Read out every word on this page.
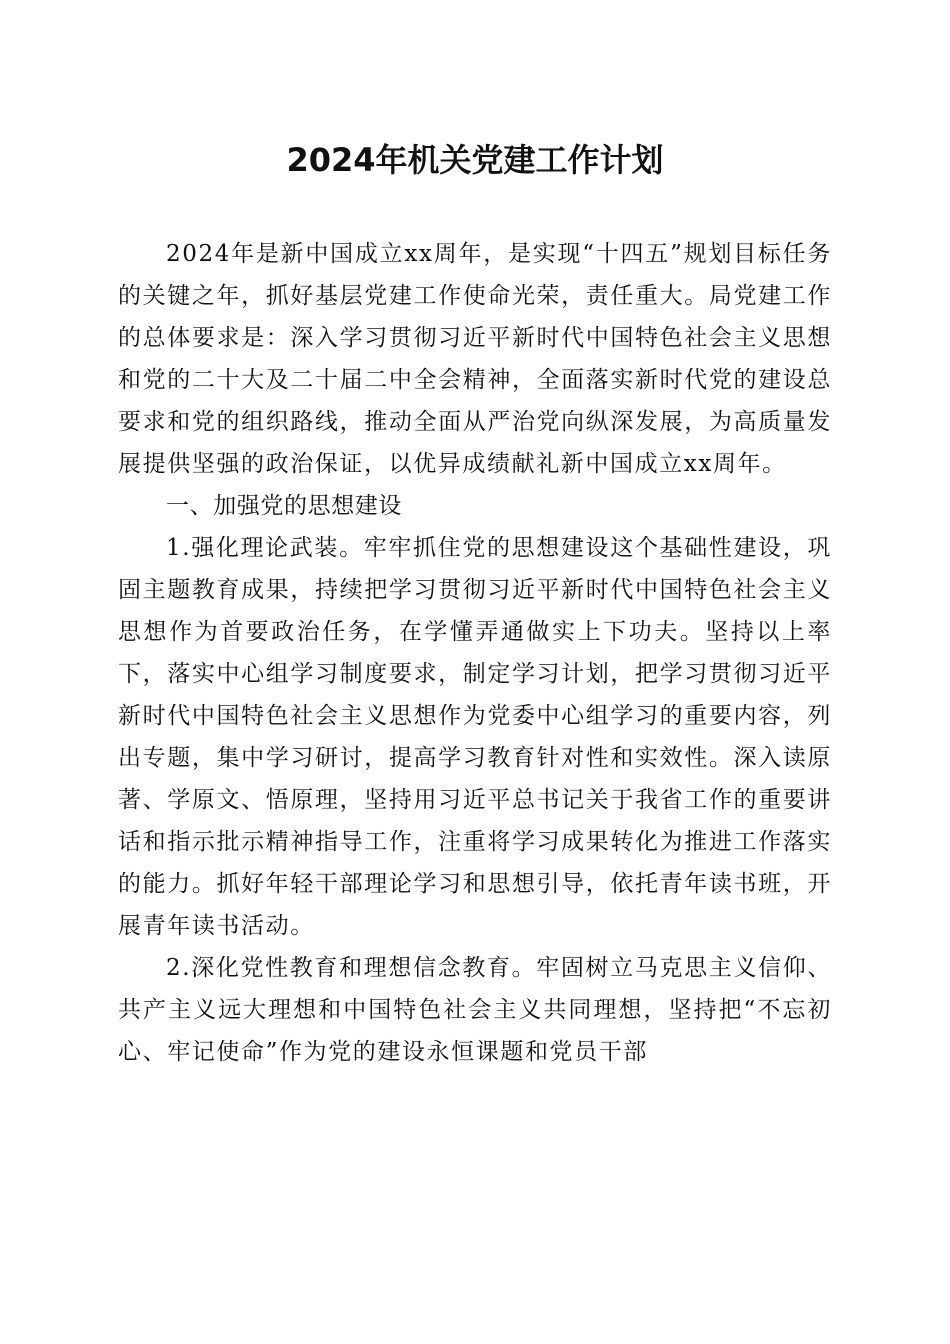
2024年机关党建工作计划

2024年是新中国成立xx周年，是实现“十四五”规划目标任务的关键之年，抓好基层党建工作使命光荣，责任重大。局党建工作的总体要求是：深入学习贯彻习近平新时代中国特色社会主义思想和党的二十大及二十届二中全会精神，全面落实新时代党的建设总要求和党的组织路线，推动全面从严治党向纵深发展，为高质量发展提供坚强的政治保证，以优异成绩献礼新中国成立xx周年。

一、加强党的思想建设

1.强化理论武装。牢牢抓住党的思想建设这个基础性建设，巩固主题教育成果，持续把学习贯彻习近平新时代中国特色社会主义思想作为首要政治任务，在学懂弄通做实上下功夫。坚持以上率下，落实中心组学习制度要求，制定学习计划，把学习贯彻习近平新时代中国特色社会主义思想作为党委中心组学习的重要内容，列出专题，集中学习研讨，提高学习教育针对性和实效性。深入读原著、学原文、悟原理，坚持用习近平总书记关于我省工作的重要讲话和指示批示精神指导工作，注重将学习成果转化为推进工作落实的能力。抓好年轻干部理论学习和思想引导，依托青年读书班，开展青年读书活动。

2.深化党性教育和理想信念教育。牢固树立马克思主义信仰、共产主义远大理想和中国特色社会主义共同理想，坚持把“不忘初心、牢记使命”作为党的建设永恒课题和党员干部
